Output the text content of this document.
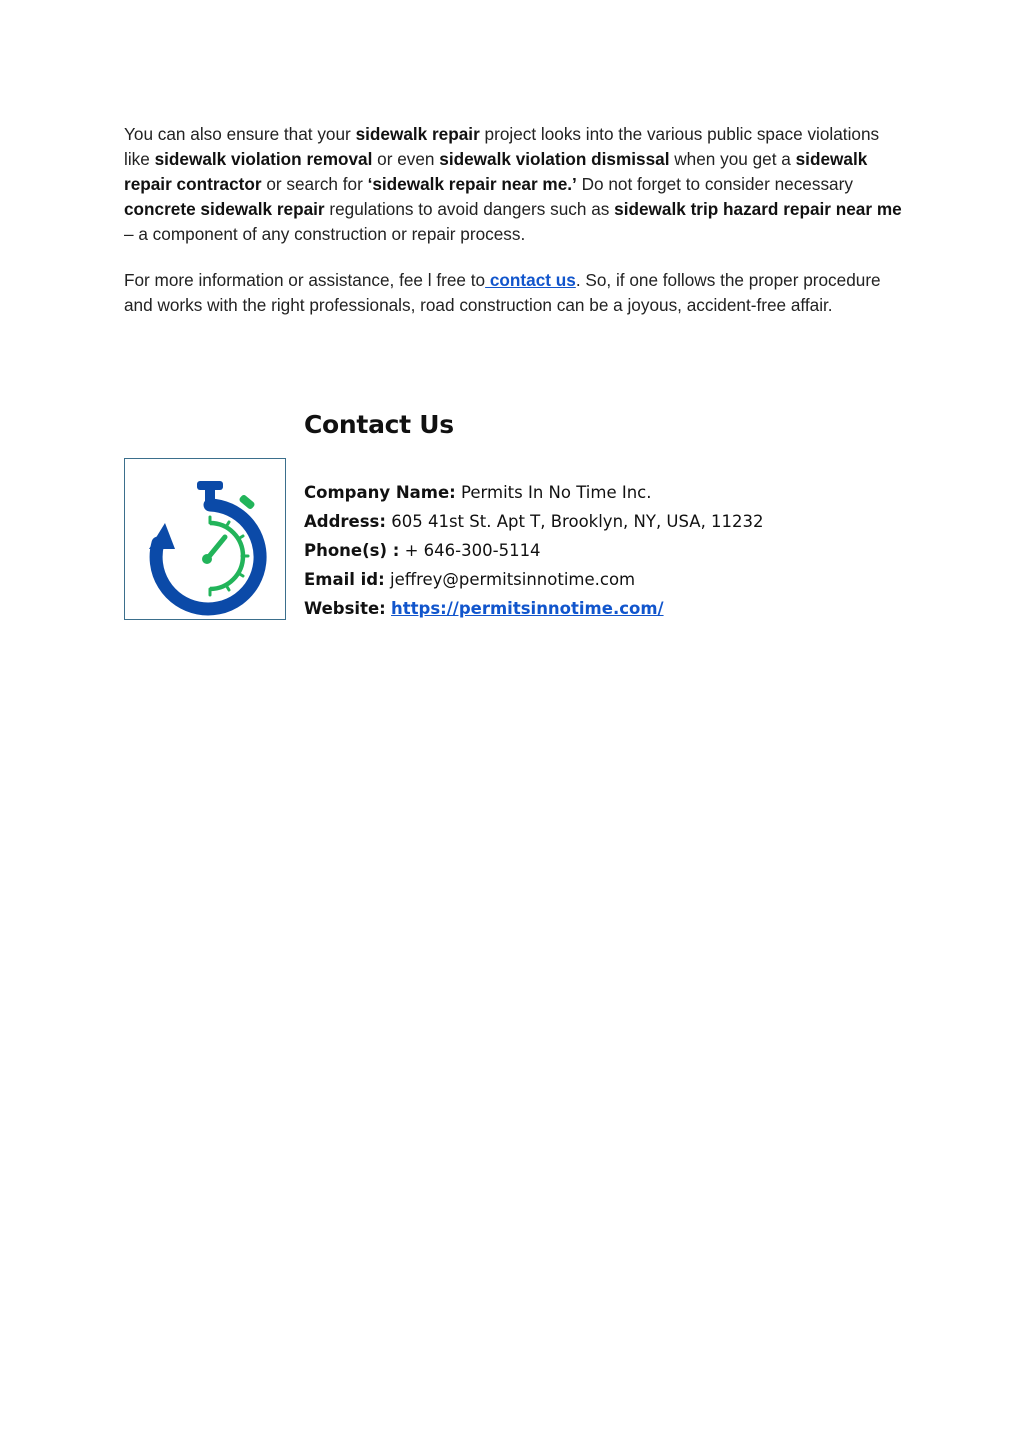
You can also ensure that your sidewalk repair project looks into the various public space violations like sidewalk violation removal or even sidewalk violation dismissal when you get a sidewalk repair contractor or search for ‘sidewalk repair near me.’ Do not forget to consider necessary concrete sidewalk repair regulations to avoid dangers such as sidewalk trip hazard repair near me – a component of any construction or repair process.

For more information or assistance, fee l free to contact us. So, if one follows the proper procedure and works with the right professionals, road construction can be a joyous, accident-free affair.

Contact Us
Company Name: Permits In No Time Inc.
Address: 605 41st St. Apt T, Brooklyn, NY, USA, 11232
Phone(s) : + 646-300-5114
Email id: jeffrey@permitsinnotime.com
Website: https://permitsinnotime.com/
